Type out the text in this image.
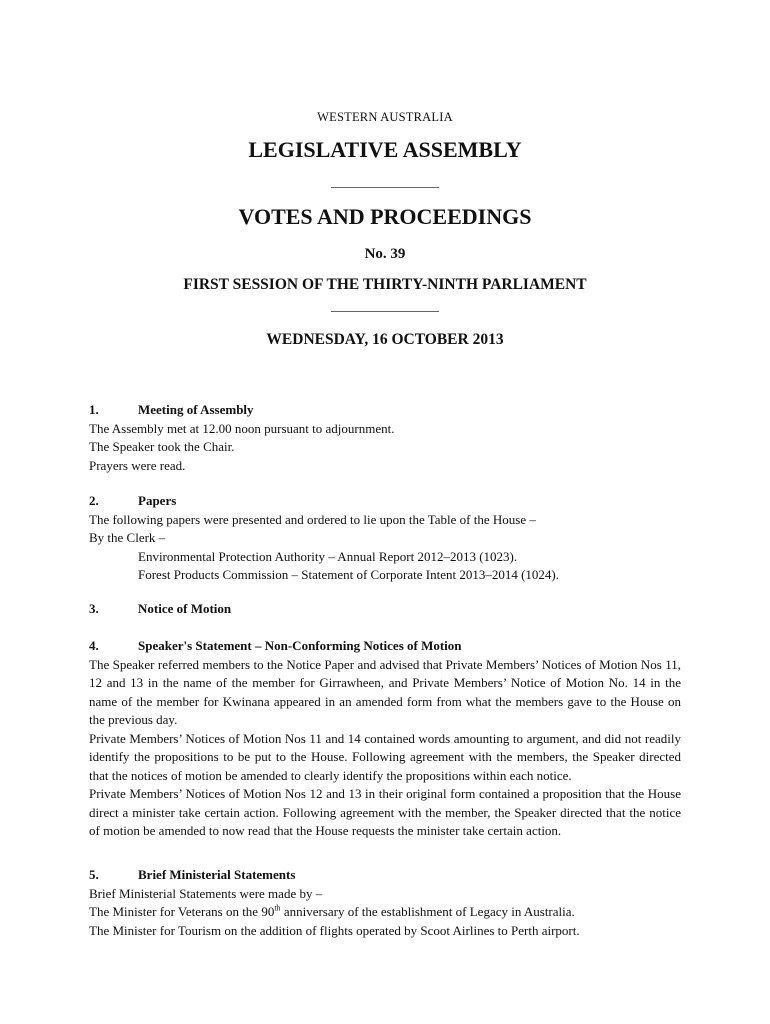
WESTERN AUSTRALIA
LEGISLATIVE ASSEMBLY
VOTES AND PROCEEDINGS
No. 39
FIRST SESSION OF THE THIRTY-NINTH PARLIAMENT
WEDNESDAY, 16 OCTOBER 2013
1.	Meeting of Assembly
The Assembly met at 12.00 noon pursuant to adjournment.
The Speaker took the Chair.
Prayers were read.
2.	Papers
The following papers were presented and ordered to lie upon the Table of the House –
By the Clerk –
Environmental Protection Authority – Annual Report 2012–2013 (1023).
Forest Products Commission – Statement of Corporate Intent 2013–2014 (1024).
3.	Notice of Motion
4.	Speaker's Statement – Non-Conforming Notices of Motion
The Speaker referred members to the Notice Paper and advised that Private Members’ Notices of Motion Nos 11, 12 and 13 in the name of the member for Girrawheen, and Private Members’ Notice of Motion No. 14 in the name of the member for Kwinana appeared in an amended form from what the members gave to the House on the previous day.
Private Members’ Notices of Motion Nos 11 and 14 contained words amounting to argument, and did not readily identify the propositions to be put to the House. Following agreement with the members, the Speaker directed that the notices of motion be amended to clearly identify the propositions within each notice.
Private Members’ Notices of Motion Nos 12 and 13 in their original form contained a proposition that the House direct a minister take certain action. Following agreement with the member, the Speaker directed that the notice of motion be amended to now read that the House requests the minister take certain action.
5.	Brief Ministerial Statements
Brief Ministerial Statements were made by –
The Minister for Veterans on the 90th anniversary of the establishment of Legacy in Australia.
The Minister for Tourism on the addition of flights operated by Scoot Airlines to Perth airport.
